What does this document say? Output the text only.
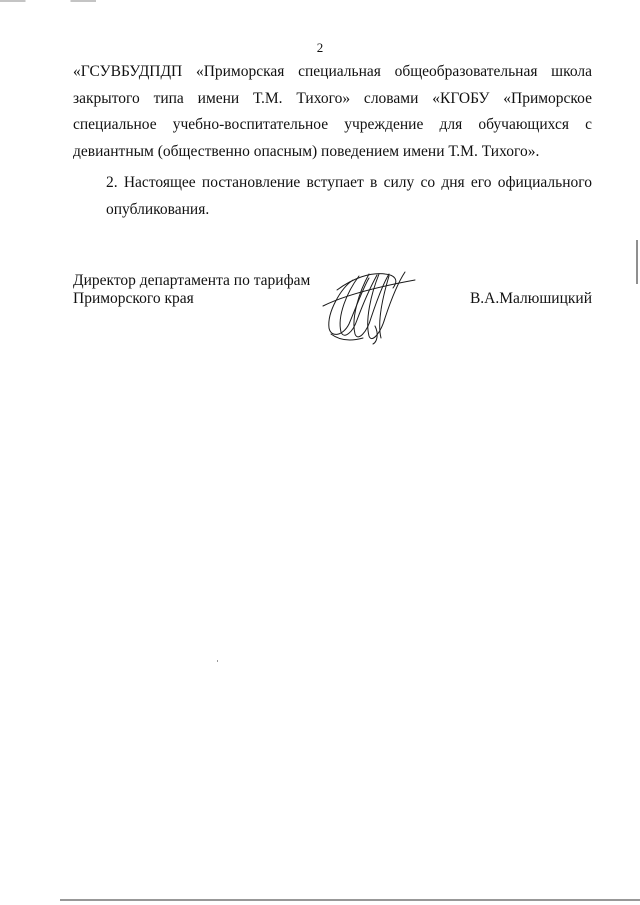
2

«ГСУВБУДПДП «Приморская специальная общеобразовательная школа закрытого типа имени Т.М. Тихого» словами «КГОБУ «Приморское специальное учебно-воспитательное учреждение для обучающихся с
девиантным (общественно опасным) поведением имени Т.М. Тихого».

2. Настоящее постановление вступает в силу со дня его официального
опубликования.

Директор департамента по тарифам
Приморского края	В.А.Малюшицкий
